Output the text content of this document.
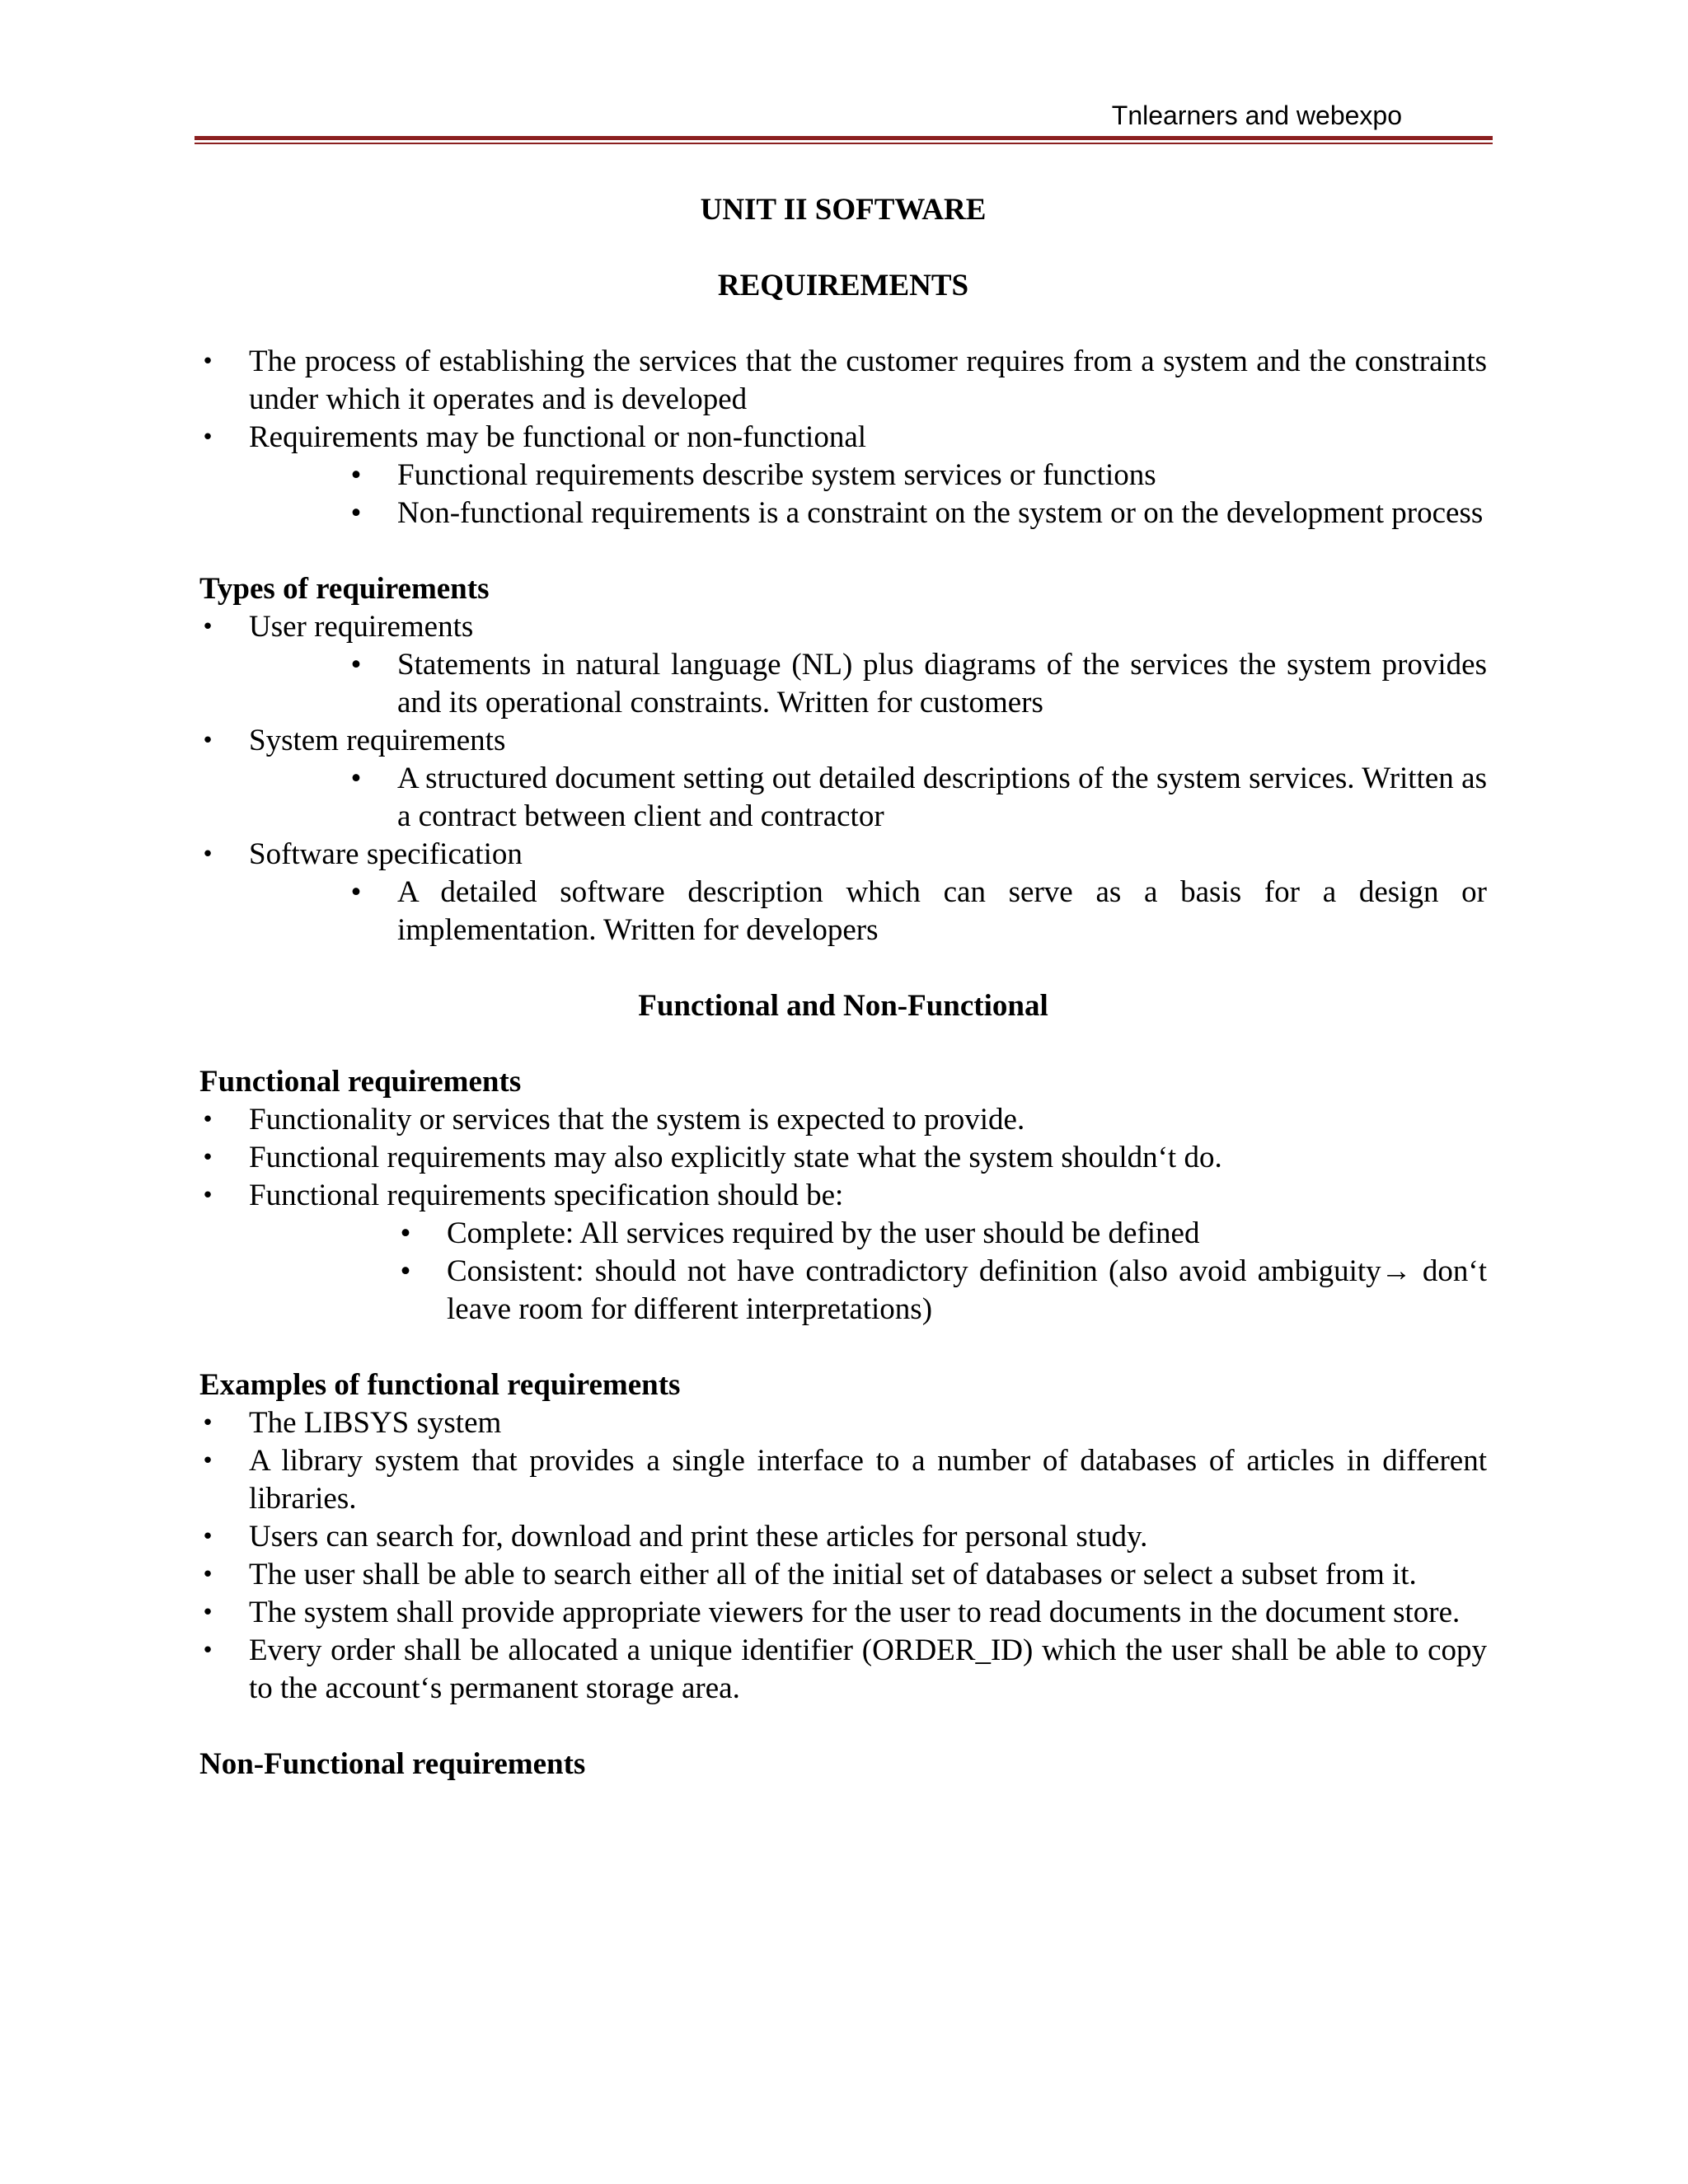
Tnlearners and webexpo

UNIT II SOFTWARE

REQUIREMENTS

• The process of establishing the services that the customer requires from a system and the constraints under which it operates and is developed
• Requirements may be functional or non-functional
• Functional requirements describe system services or functions
• Non-functional requirements is a constraint on the system or on the development process

Types of requirements

• User requirements
• Statements in natural language (NL) plus diagrams of the services the system provides and its operational constraints. Written for customers
• System requirements
• A structured document setting out detailed descriptions of the system services. Written as a contract between client and contractor
• Software specification
• A detailed software description which can serve as a basis for a design or implementation. Written for developers

Functional and Non-Functional

Functional requirements

• Functionality or services that the system is expected to provide.
• Functional requirements may also explicitly state what the system shouldn‘t do.
• Functional requirements specification should be:
• Complete: All services required by the user should be defined
• Consistent: should not have contradictory definition (also avoid ambiguity→ don‘t leave room for different interpretations)

Examples of functional requirements

• The LIBSYS system
• A library system that provides a single interface to a number of databases of articles in different libraries.
• Users can search for, download and print these articles for personal study.
• The user shall be able to search either all of the initial set of databases or select a subset from it.
• The system shall provide appropriate viewers for the user to read documents in the document store.
• Every order shall be allocated a unique identifier (ORDER_ID) which the user shall be able to copy to the account‘s permanent storage area.

Non-Functional requirements
